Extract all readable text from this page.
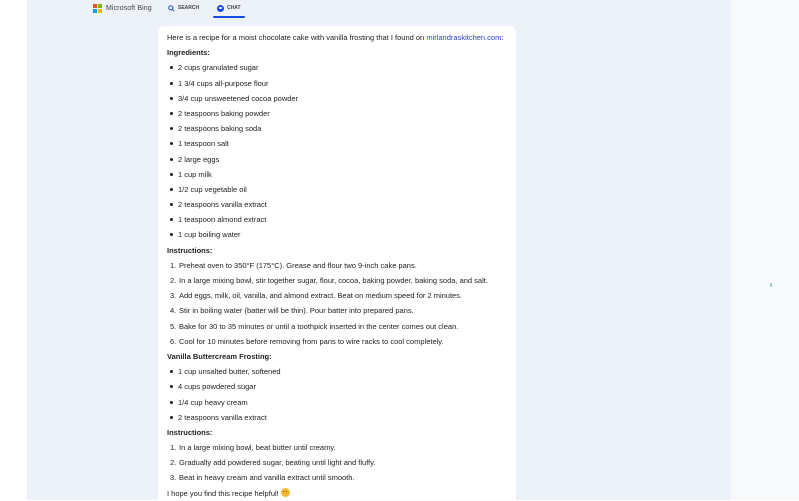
Microsoft Bing	SEARCH	CHAT
Here is a recipe for a moist chocolate cake with vanilla frosting that I found on mirlandraskitchen.com:
Ingredients:
2 cups granulated sugar
1 3/4 cups all-purpose flour
3/4 cup unsweetened cocoa powder
2 teaspoons baking powder
2 teaspoons baking soda
1 teaspoon salt
2 large eggs
1 cup milk
1/2 cup vegetable oil
2 teaspoons vanilla extract
1 teaspoon almond extract
1 cup boiling water
Instructions:
1. Preheat oven to 350°F (175°C). Grease and flour two 9-inch cake pans.
2. In a large mixing bowl, stir together sugar, flour, cocoa, baking powder, baking soda, and salt.
3. Add eggs, milk, oil, vanilla, and almond extract. Beat on medium speed for 2 minutes.
4. Stir in boiling water (batter will be thin). Pour batter into prepared pans.
5. Bake for 30 to 35 minutes or until a toothpick inserted in the center comes out clean.
6. Cool for 10 minutes before removing from pans to wire racks to cool completely.
Vanilla Buttercream Frosting:
1 cup unsalted butter, softened
4 cups powdered sugar
1/4 cup heavy cream
2 teaspoons vanilla extract
Instructions:
1. In a large mixing bowl, beat butter until creamy.
2. Gradually add powdered sugar, beating until light and fluffy.
3. Beat in heavy cream and vanilla extract until smooth.
I hope you find this recipe helpful!
